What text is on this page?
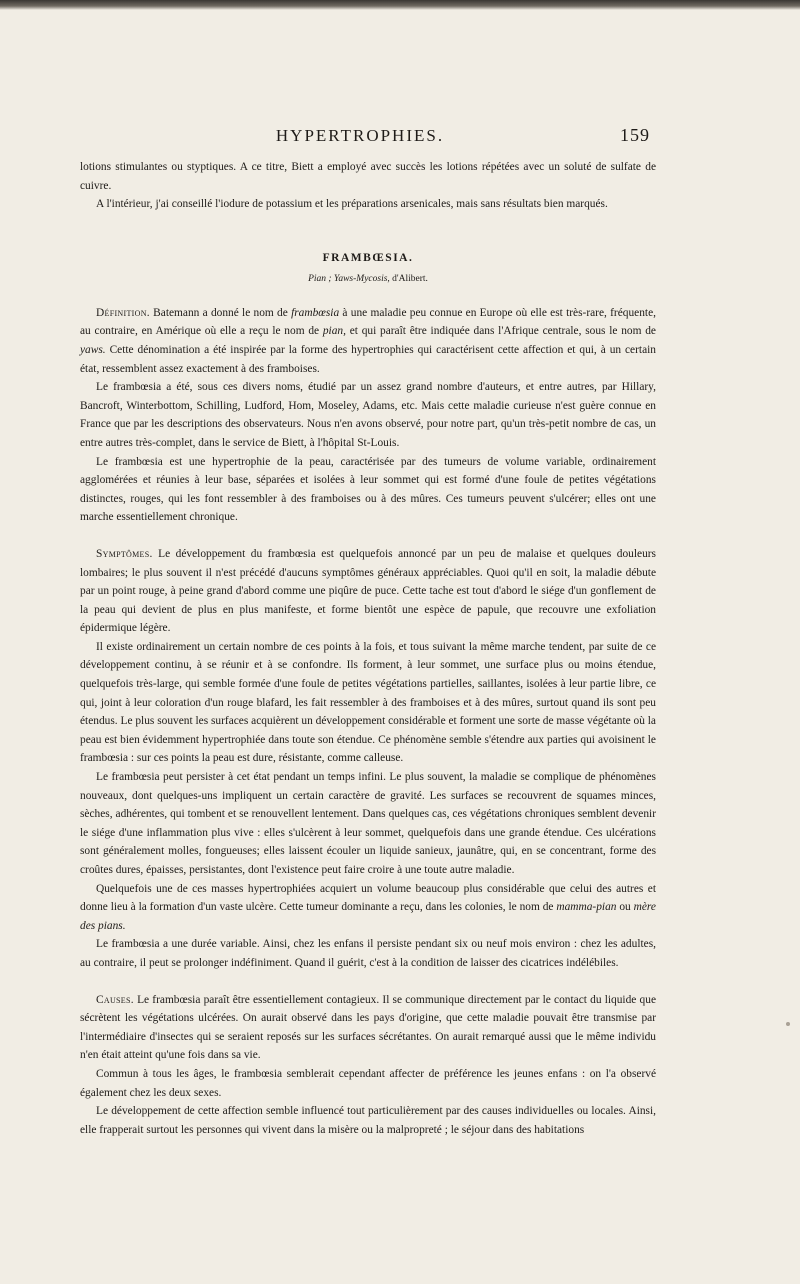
HYPERTROPHIES.	159

lotions stimulantes ou styptiques. A ce titre, Biett a employé avec succès les lotions répétées avec un soluté de sulfate de cuivre.

A l'intérieur, j'ai conseillé l'iodure de potassium et les préparations arsenicales, mais sans résultats bien marqués.

FRAMBŒSIA.
Pian ; Yaws-Mycosis, d'Alibert.

Définition. Batemann a donné le nom de frambœsia à une maladie peu connue en Europe où elle est très-rare, fréquente, au contraire, en Amérique où elle a reçu le nom de pian, et qui paraît être indiquée dans l'Afrique centrale, sous le nom de yaws. Cette dénomination a été inspirée par la forme des hypertrophies qui caractérisent cette affection et qui, à un certain état, ressemblent assez exactement à des framboises.

Le frambœsia a été, sous ces divers noms, étudié par un assez grand nombre d'auteurs, et entre autres, par Hillary, Bancroft, Winterbottom, Schilling, Ludford, Hom, Moseley, Adams, etc. Mais cette maladie curieuse n'est guère connue en France que par les descriptions des observateurs. Nous n'en avons observé, pour notre part, qu'un très-petit nombre de cas, un entre autres très-complet, dans le service de Biett, à l'hôpital St-Louis.

Le frambœsia est une hypertrophie de la peau, caractérisée par des tumeurs de volume variable, ordinairement agglomérées et réunies à leur base, séparées et isolées à leur sommet qui est formé d'une foule de petites végétations distinctes, rouges, qui les font ressembler à des framboises ou à des mûres. Ces tumeurs peuvent s'ulcérer; elles ont une marche essentiellement chronique.

Symptômes. Le développement du frambœsia est quelquefois annoncé par un peu de malaise et quelques douleurs lombaires; le plus souvent il n'est précédé d'aucuns symptômes généraux appréciables. Quoi qu'il en soit, la maladie débute par un point rouge, à peine grand d'abord comme une piqûre de puce. Cette tache est tout d'abord le siége d'un gonflement de la peau qui devient de plus en plus manifeste, et forme bientôt une espèce de papule, que recouvre une exfoliation épidermique légère.

Il existe ordinairement un certain nombre de ces points à la fois, et tous suivant la même marche tendent, par suite de ce développement continu, à se réunir et à se confondre. Ils forment, à leur sommet, une surface plus ou moins étendue, quelquefois très-large, qui semble formée d'une foule de petites végétations partielles, saillantes, isolées à leur partie libre, ce qui, joint à leur coloration d'un rouge blafard, les fait ressembler à des framboises et à des mûres, surtout quand ils sont peu étendus. Le plus souvent les surfaces acquièrent un développement considérable et forment une sorte de masse végétante où la peau est bien évidemment hypertrophiée dans toute son étendue. Ce phénomène semble s'étendre aux parties qui avoisinent le frambœsia : sur ces points la peau est dure, résistante, comme calleuse.

Le frambœsia peut persister à cet état pendant un temps infini. Le plus souvent, la maladie se complique de phénomènes nouveaux, dont quelques-uns impliquent un certain caractère de gravité. Les surfaces se recouvrent de squames minces, sèches, adhérentes, qui tombent et se renouvellent lentement. Dans quelques cas, ces végétations chroniques semblent devenir le siége d'une inflammation plus vive : elles s'ulcèrent à leur sommet, quelquefois dans une grande étendue. Ces ulcérations sont généralement molles, fongueuses; elles laissent écouler un liquide sanieux, jaunâtre, qui, en se concentrant, forme des croûtes dures, épaisses, persistantes, dont l'existence peut faire croire à une toute autre maladie.

Quelquefois une de ces masses hypertrophiées acquiert un volume beaucoup plus considérable que celui des autres et donne lieu à la formation d'un vaste ulcère. Cette tumeur dominante a reçu, dans les colonies, le nom de mamma-pian ou mère des pians.

Le frambœsia a une durée variable. Ainsi, chez les enfans il persiste pendant six ou neuf mois environ : chez les adultes, au contraire, il peut se prolonger indéfiniment. Quand il guérit, c'est à la condition de laisser des cicatrices indélébiles.

Causes. Le frambœsia paraît être essentiellement contagieux. Il se communique directement par le contact du liquide que sécrètent les végétations ulcérées. On aurait observé dans les pays d'origine, que cette maladie pouvait être transmise par l'intermédiaire d'insectes qui se seraient reposés sur les surfaces sécrétantes. On aurait remarqué aussi que le même individu n'en était atteint qu'une fois dans sa vie.

Commun à tous les âges, le frambœsia semblerait cependant affecter de préférence les jeunes enfans : on l'a observé également chez les deux sexes.

Le développement de cette affection semble influencé tout particulièrement par des causes individuelles ou locales. Ainsi, elle frapperait surtout les personnes qui vivent dans la misère ou la malpropreté ; le séjour dans des habitations
